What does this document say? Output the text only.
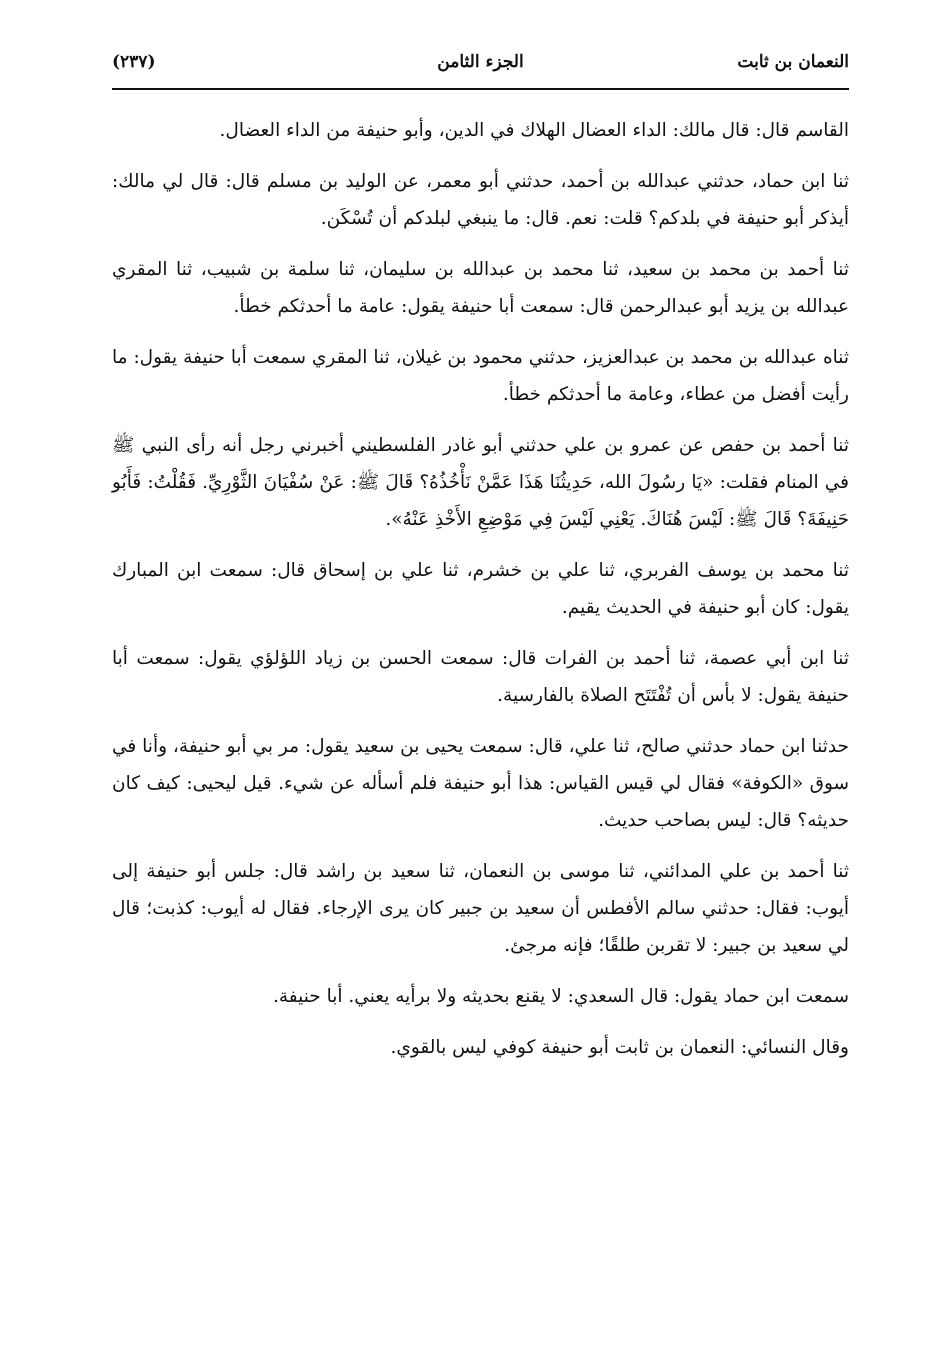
النعمان بن ثابت
الجزء الثامن
(٢٣٧)

القاسم قال: قال مالك: الداء العضال الهلاك في الدين، وأبو حنيفة من الداء العضال.

ثنا ابن حماد، حدثني عبدالله بن أحمد، حدثني أبو معمر، عن الوليد بن مسلم قال: قال لي مالك: أيذكر أبو حنيفة في بلدكم؟ قلت: نعم. قال: ما ينبغي لبلدكم أن تُسْكَن.

ثنا أحمد بن محمد بن سعيد، ثنا محمد بن عبدالله بن سليمان، ثنا سلمة بن شبيب، ثنا المقري عبدالله بن يزيد أبو عبدالرحمن قال: سمعت أبا حنيفة يقول: عامة ما أحدثكم خطأ.

ثناه عبدالله بن محمد بن عبدالعزيز، حدثني محمود بن غيلان، ثنا المقري سمعت أبا حنيفة يقول: ما رأيت أفضل من عطاء، وعامة ما أحدثكم خطأ.

ثنا أحمد بن حفص عن عمرو بن علي حدثني أبو غادر الفلسطيني أخبرني رجل أنه رأى النبي ﷺ في المنام فقلت: «يَا رسُولَ الله، حَدِيثُنَا هَذَا عَمَّنْ نَأْخُذُهُ؟ قَالَ ﷺ: عَنْ سُفْيَانَ الثَّوْرِيِّ. فَقُلْتُ: فَأَبُو حَنِيفَةَ؟ قَالَ ﷺ: لَيْسَ هُنَاكَ. يَعْنِي لَيْسَ فِي مَوْضِعِ الأَخْذِ عَنْهُ».

ثنا محمد بن يوسف الفربري، ثنا علي بن خشرم، ثنا علي بن إسحاق قال: سمعت ابن المبارك يقول: كان أبو حنيفة في الحديث يقيم.

ثنا ابن أبي عصمة، ثنا أحمد بن الفرات قال: سمعت الحسن بن زياد اللؤلؤي يقول: سمعت أبا حنيفة يقول: لا بأس أن تُفْتَتَح الصلاة بالفارسية.

حدثنا ابن حماد حدثني صالح، ثنا علي، قال: سمعت يحيى بن سعيد يقول: مر بي أبو حنيفة، وأنا في سوق «الكوفة» فقال لي قيس القياس: هذا أبو حنيفة فلم أسأله عن شيء. قيل ليحيى: كيف كان حديثه؟ قال: ليس بصاحب حديث.

ثنا أحمد بن علي المدائني، ثنا موسى بن النعمان، ثنا سعيد بن راشد قال: جلس أبو حنيفة إلى أيوب: فقال: حدثني سالم الأفطس أن سعيد بن جبير كان يرى الإرجاء. فقال له أيوب: كذبت؛ قال لي سعيد بن جبير: لا تقربن طلقًا؛ فإنه مرجئ.

سمعت ابن حماد يقول: قال السعدي: لا يقنع بحديثه ولا برأيه يعني. أبا حنيفة.

وقال النسائي: النعمان بن ثابت أبو حنيفة كوفي ليس بالقوي.
